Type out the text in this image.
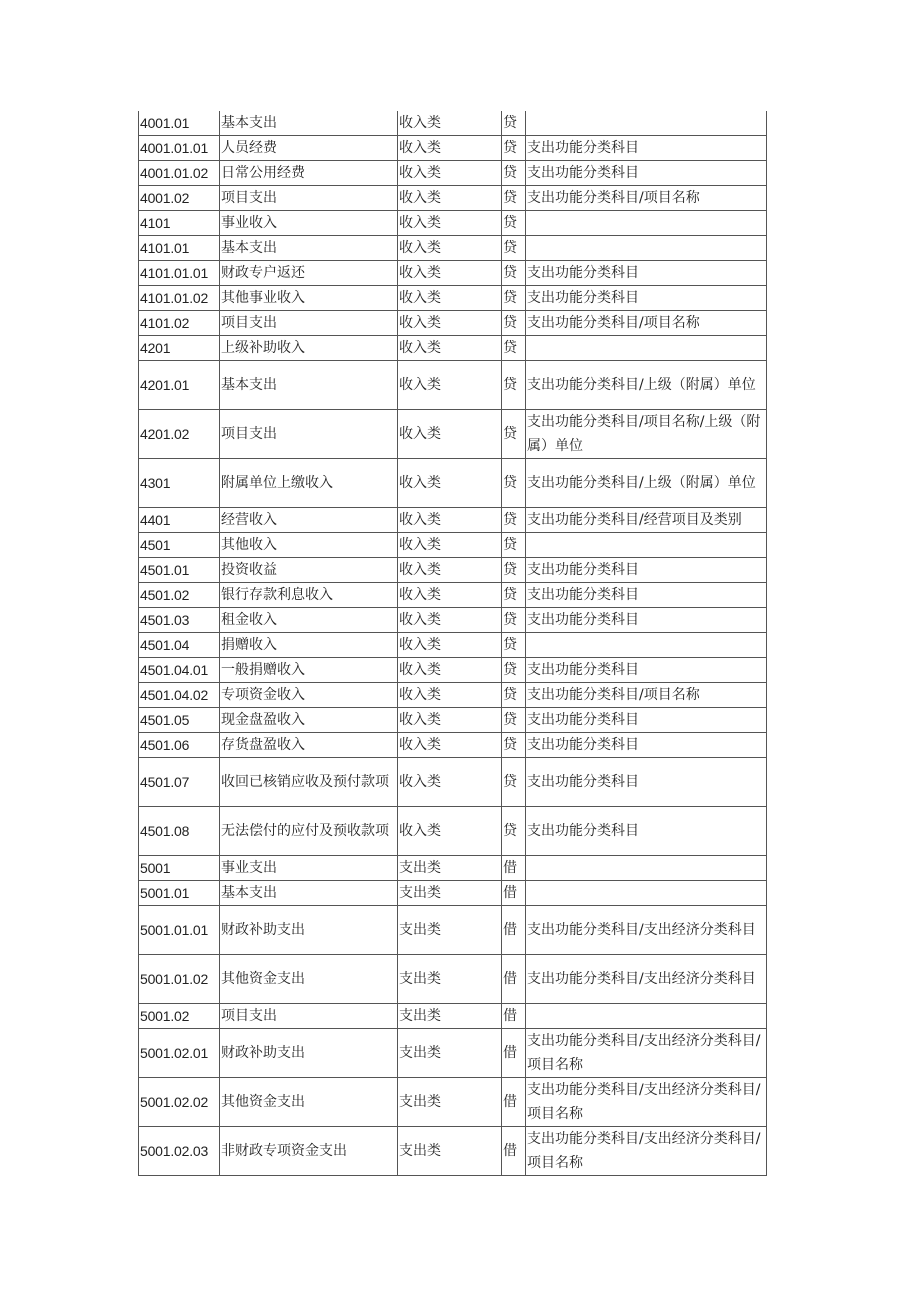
4001.01	基本支出	收入类	贷	
4001.01.01	人员经费	收入类	贷	支出功能分类科目
4001.01.02	日常公用经费	收入类	贷	支出功能分类科目
4001.02	项目支出	收入类	贷	支出功能分类科目/项目名称
4101	事业收入	收入类	贷	
4101.01	基本支出	收入类	贷	
4101.01.01	财政专户返还	收入类	贷	支出功能分类科目
4101.01.02	其他事业收入	收入类	贷	支出功能分类科目
4101.02	项目支出	收入类	贷	支出功能分类科目/项目名称
4201	上级补助收入	收入类	贷	
4201.01	基本支出	收入类	贷	支出功能分类科目/上级（附属）单位
4201.02	项目支出	收入类	贷	支出功能分类科目/项目名称/上级（附属）单位
4301	附属单位上缴收入	收入类	贷	支出功能分类科目/上级（附属）单位
4401	经营收入	收入类	贷	支出功能分类科目/经营项目及类别
4501	其他收入	收入类	贷	
4501.01	投资收益	收入类	贷	支出功能分类科目
4501.02	银行存款利息收入	收入类	贷	支出功能分类科目
4501.03	租金收入	收入类	贷	支出功能分类科目
4501.04	捐赠收入	收入类	贷	
4501.04.01	一般捐赠收入	收入类	贷	支出功能分类科目
4501.04.02	专项资金收入	收入类	贷	支出功能分类科目/项目名称
4501.05	现金盘盈收入	收入类	贷	支出功能分类科目
4501.06	存货盘盈收入	收入类	贷	支出功能分类科目
4501.07	收回已核销应收及预付款项	收入类	贷	支出功能分类科目
4501.08	无法偿付的应付及预收款项	收入类	贷	支出功能分类科目
5001	事业支出	支出类	借	
5001.01	基本支出	支出类	借	
5001.01.01	财政补助支出	支出类	借	支出功能分类科目/支出经济分类科目
5001.01.02	其他资金支出	支出类	借	支出功能分类科目/支出经济分类科目
5001.02	项目支出	支出类	借	
5001.02.01	财政补助支出	支出类	借	支出功能分类科目/支出经济分类科目/项目名称
5001.02.02	其他资金支出	支出类	借	支出功能分类科目/支出经济分类科目/项目名称
5001.02.03	非财政专项资金支出	支出类	借	支出功能分类科目/支出经济分类科目/项目名称
